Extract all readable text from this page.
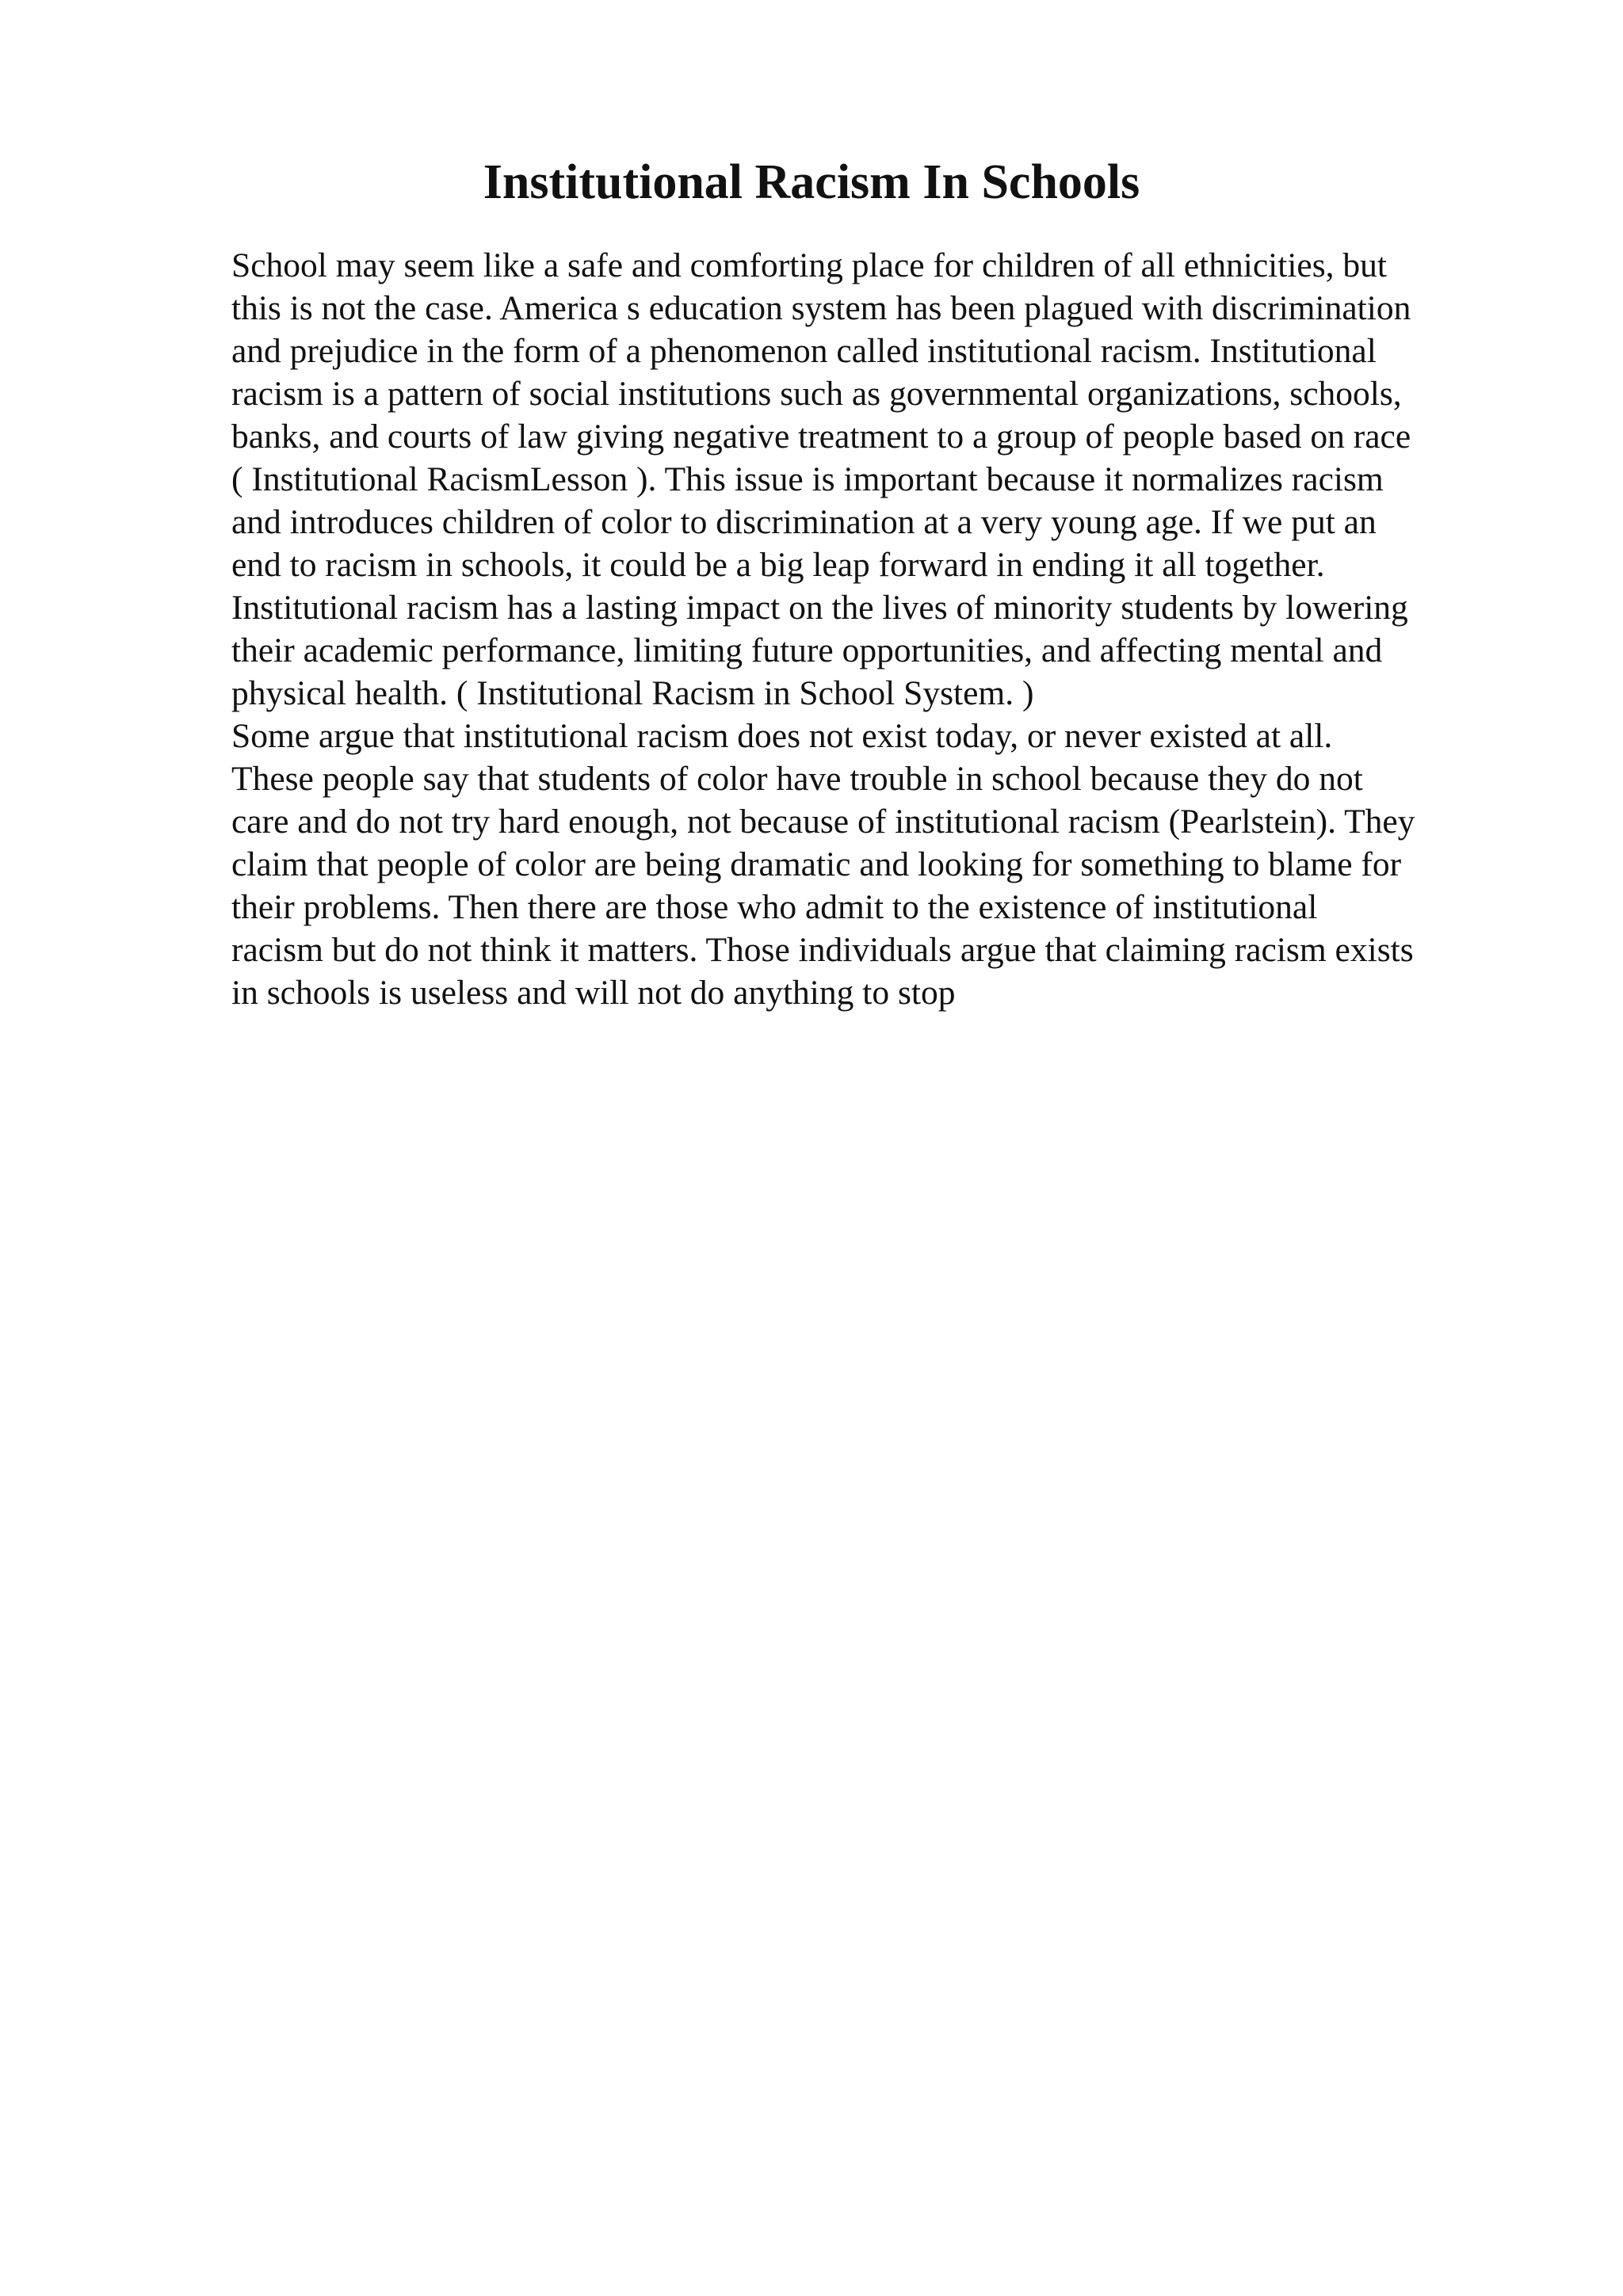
Institutional Racism In Schools
School may seem like a safe and comforting place for children of all ethnicities, but
this is not the case. America s education system has been plagued with discrimination
and prejudice in the form of a phenomenon called institutional racism. Institutional
racism is a pattern of social institutions such as governmental organizations, schools,
banks, and courts of law giving negative treatment to a group of people based on race
( Institutional RacismLesson ). This issue is important because it normalizes racism
and introduces children of color to discrimination at a very young age. If we put an
end to racism in schools, it could be a big leap forward in ending it all together.
Institutional racism has a lasting impact on the lives of minority students by lowering
their academic performance, limiting future opportunities, and affecting mental and
physical health. ( Institutional Racism in School System. )
Some argue that institutional racism does not exist today, or never existed at all.
These people say that students of color have trouble in school because they do not
care and do not try hard enough, not because of institutional racism (Pearlstein). They
claim that people of color are being dramatic and looking for something to blame for
their problems. Then there are those who admit to the existence of institutional
racism but do not think it matters. Those individuals argue that claiming racism exists
in schools is useless and will not do anything to stop
